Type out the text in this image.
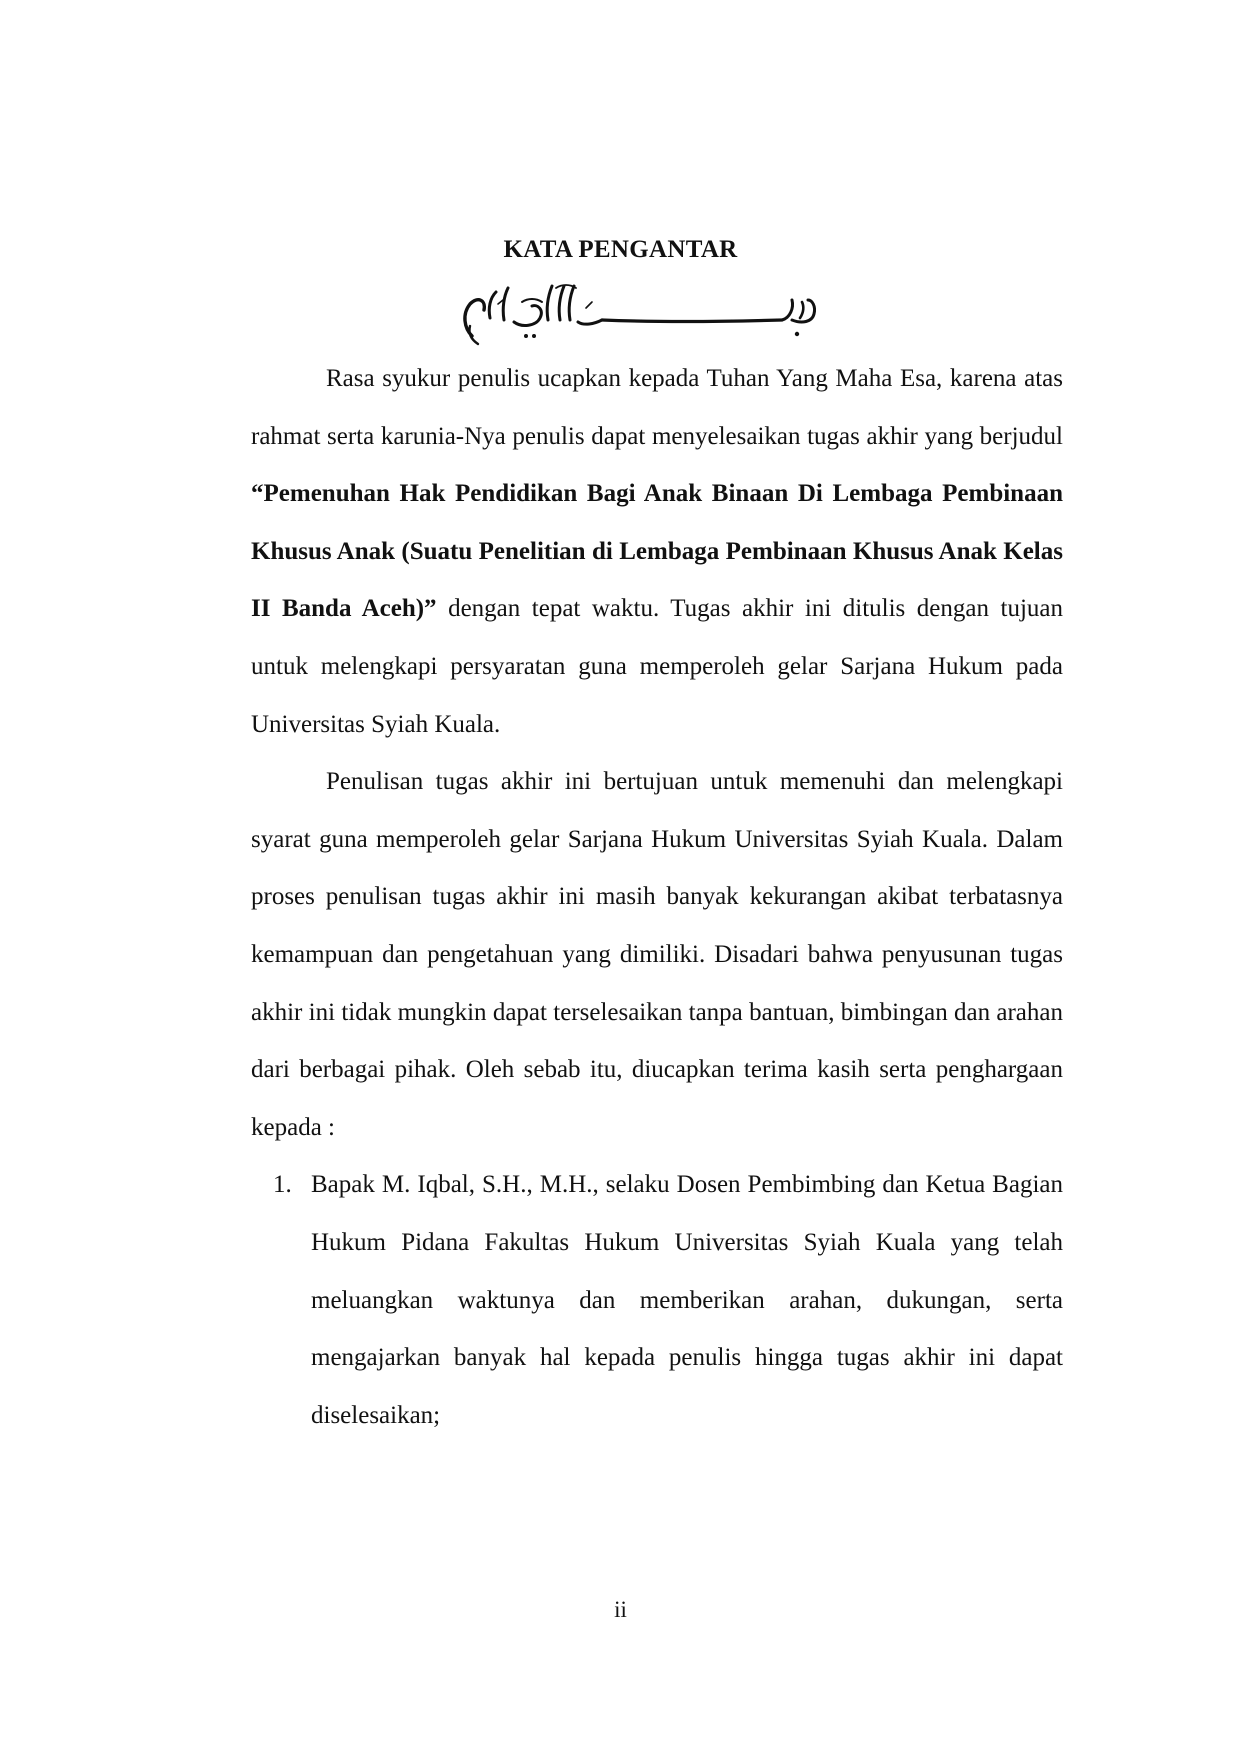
KATA PENGANTAR
بسم الله الرحمن الرحيم

Rasa syukur penulis ucapkan kepada Tuhan Yang Maha Esa, karena atas rahmat serta karunia-Nya penulis dapat menyelesaikan tugas akhir yang berjudul “Pemenuhan Hak Pendidikan Bagi Anak Binaan Di Lembaga Pembinaan Khusus Anak (Suatu Penelitian di Lembaga Pembinaan Khusus Anak Kelas II Banda Aceh)” dengan tepat waktu. Tugas akhir ini ditulis dengan tujuan untuk melengkapi persyaratan guna memperoleh gelar Sarjana Hukum pada Universitas Syiah Kuala.

Penulisan tugas akhir ini bertujuan untuk memenuhi dan melengkapi syarat guna memperoleh gelar Sarjana Hukum Universitas Syiah Kuala. Dalam proses penulisan tugas akhir ini masih banyak kekurangan akibat terbatasnya kemampuan dan pengetahuan yang dimiliki. Disadari bahwa penyusunan tugas akhir ini tidak mungkin dapat terselesaikan tanpa bantuan, bimbingan dan arahan dari berbagai pihak. Oleh sebab itu, diucapkan terima kasih serta penghargaan kepada :

1. Bapak M. Iqbal, S.H., M.H., selaku Dosen Pembimbing dan Ketua Bagian Hukum Pidana Fakultas Hukum Universitas Syiah Kuala yang telah meluangkan waktunya dan memberikan arahan, dukungan, serta mengajarkan banyak hal kepada penulis hingga tugas akhir ini dapat diselesaikan;
ii
